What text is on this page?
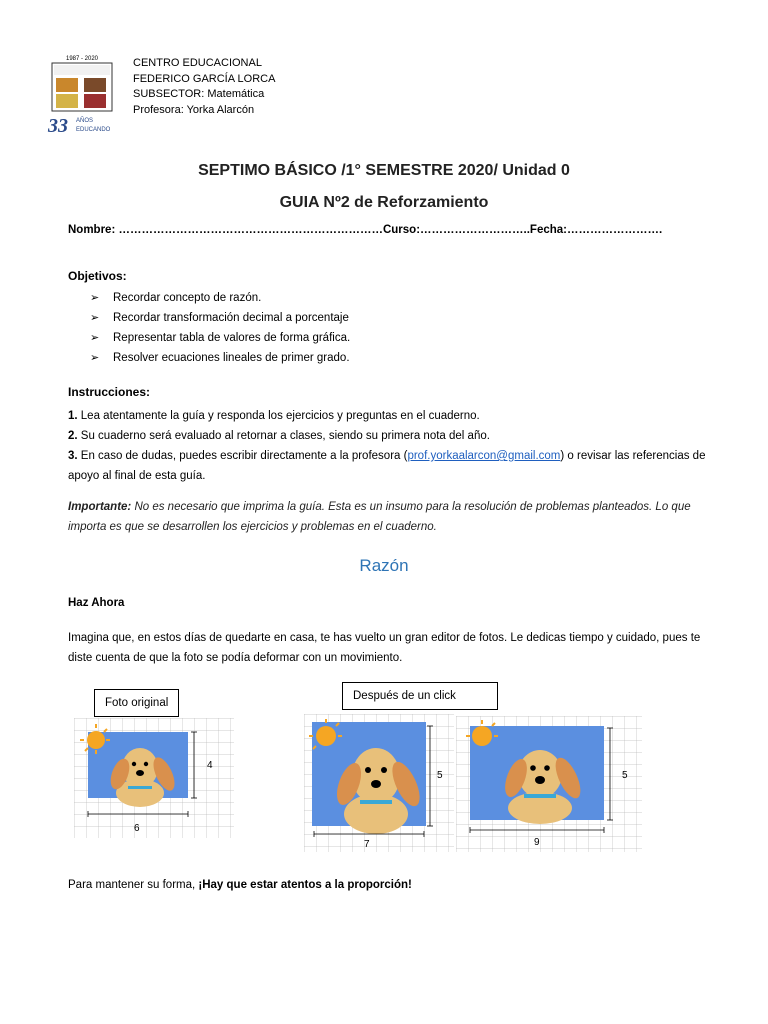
1987 - 2020
33 AÑOS
EDUCANDO
CENTRO EDUCACIONAL
FEDERICO GARCÍA LORCA
SUBSECTOR: Matemática
Profesora: Yorka Alarcón
SEPTIMO BÁSICO /1° SEMESTRE 2020/ Unidad 0
GUIA Nº2 de Reforzamiento
Nombre: ……………………………………………………………Curso:………………………..Fecha:…………………….
Objetivos:
➢ Recordar concepto de razón.
➢ Recordar transformación decimal a porcentaje
➢ Representar tabla de valores de forma gráfica.
➢ Resolver ecuaciones lineales de primer grado.
Instrucciones:
1. Lea atentamente la guía y responda los ejercicios y preguntas en el cuaderno.
2. Su cuaderno será evaluado al retornar a clases, siendo su primera nota del año.
3. En caso de dudas, puedes escribir directamente a la profesora (prof.yorkaalarcon@gmail.com) o revisar las referencias de apoyo al final de esta guía.
Importante: No es necesario que imprima la guía. Esta es un insumo para la resolución de problemas planteados. Lo que importa es que se desarrollen los ejercicios y problemas en el cuaderno.
Razón
Haz Ahora
Imagina que, en estos días de quedarte en casa, te has vuelto un gran editor de fotos. Le dedicas tiempo y cuidado, pues te diste cuenta de que la foto se podía deformar con un movimiento.
Foto original
Después de un click
4
6
5
7
5
9
Para mantener su forma, ¡Hay que estar atentos a la proporción!
